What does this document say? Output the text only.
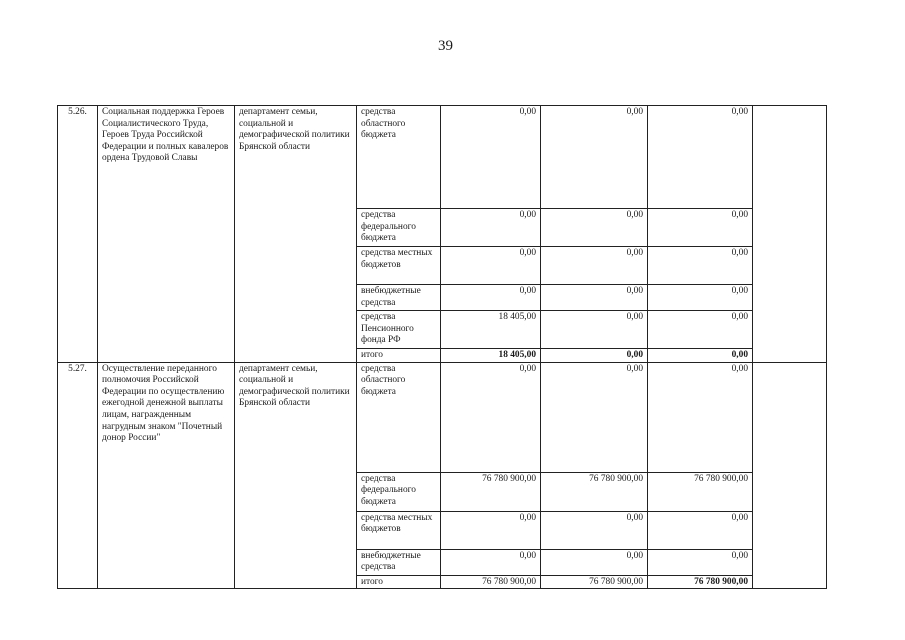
39
5.26.	Социальная поддержка Героев Социалистического Труда, Героев Труда Российской Федерации и полных кавалеров ордена Трудовой Славы	департамент семьи, социальной и демографической политики Брянской области	средства областного бюджета	0,00	0,00	0,00	
			средства федерального бюджета	0,00	0,00	0,00	
			средства местных бюджетов	0,00	0,00	0,00	
			внебюджетные средства	0,00	0,00	0,00	
			средства Пенсионного фонда РФ	18 405,00	0,00	0,00	
			итого	18 405,00	0,00	0,00	
5.27.	Осуществление переданного полномочия Российской Федерации по осуществлению ежегодной денежной выплаты лицам, награжденным нагрудным знаком "Почетный донор России"	департамент семьи, социальной и демографической политики Брянской области	средства областного бюджета	0,00	0,00	0,00	
			средства федерального бюджета	76 780 900,00	76 780 900,00	76 780 900,00	
			средства местных бюджетов	0,00	0,00	0,00	
			внебюджетные средства	0,00	0,00	0,00	
			итого	76 780 900,00	76 780 900,00	76 780 900,00	
